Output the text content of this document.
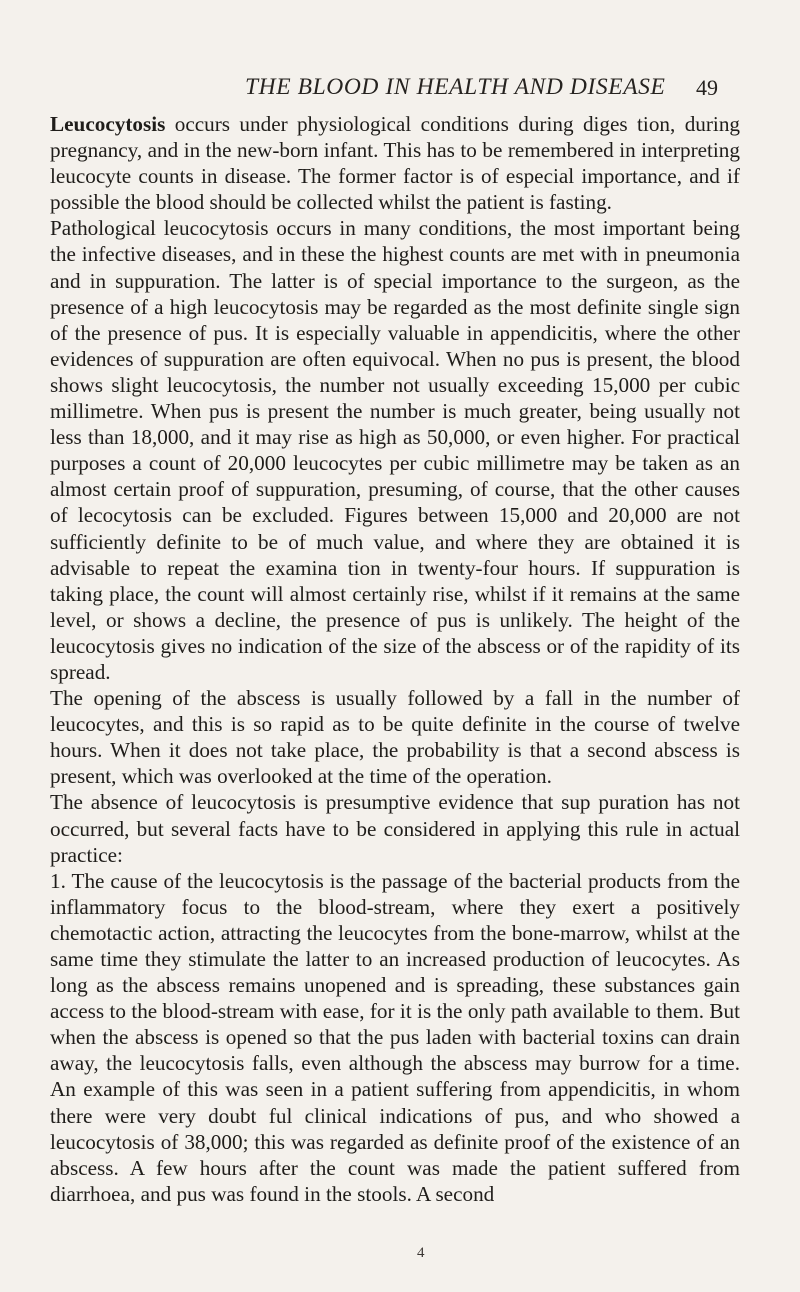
THE BLOOD IN HEALTH AND DISEASE 49

Leucocytosis occurs under physiological conditions during diges tion, during pregnancy, and in the new-born infant. This has to be remembered in interpreting leucocyte counts in disease. The former factor is of especial importance, and if possible the blood should be collected whilst the patient is fasting.

Pathological leucocytosis occurs in many conditions, the most important being the infective diseases, and in these the highest counts are met with in pneumonia and in suppuration. The latter is of special importance to the surgeon, as the presence of a high leucocytosis may be regarded as the most definite single sign of the presence of pus. It is especially valuable in appendicitis, where the other evidences of suppuration are often equivocal. When no pus is present, the blood shows slight leucocytosis, the number not usually exceeding 15,000 per cubic millimetre. When pus is present the number is much greater, being usually not less than 18,000, and it may rise as high as 50,000, or even higher. For practical purposes a count of 20,000 leucocytes per cubic millimetre may be taken as an almost certain proof of suppuration, presuming, of course, that the other causes of lecocytosis can be excluded. Figures between 15,000 and 20,000 are not sufficiently definite to be of much value, and where they are obtained it is advisable to repeat the examina tion in twenty-four hours. If suppuration is taking place, the count will almost certainly rise, whilst if it remains at the same level, or shows a decline, the presence of pus is unlikely. The height of the leucocytosis gives no indication of the size of the abscess or of the rapidity of its spread.

The opening of the abscess is usually followed by a fall in the number of leucocytes, and this is so rapid as to be quite definite in the course of twelve hours. When it does not take place, the probability is that a second abscess is present, which was overlooked at the time of the operation.

The absence of leucocytosis is presumptive evidence that sup puration has not occurred, but several facts have to be considered in applying this rule in actual practice:

1. The cause of the leucocytosis is the passage of the bacterial products from the inflammatory focus to the blood-stream, where they exert a positively chemotactic action, attracting the leucocytes from the bone-marrow, whilst at the same time they stimulate the latter to an increased production of leucocytes. As long as the abscess remains unopened and is spreading, these substances gain access to the blood-stream with ease, for it is the only path available to them. But when the abscess is opened so that the pus laden with bacterial toxins can drain away, the leucocytosis falls, even although the abscess may burrow for a time. An example of this was seen in a patient suffering from appendicitis, in whom there were very doubt ful clinical indications of pus, and who showed a leucocytosis of 38,000; this was regarded as definite proof of the existence of an abscess. A few hours after the count was made the patient suffered from diarrhoea, and pus was found in the stools. A second

4
